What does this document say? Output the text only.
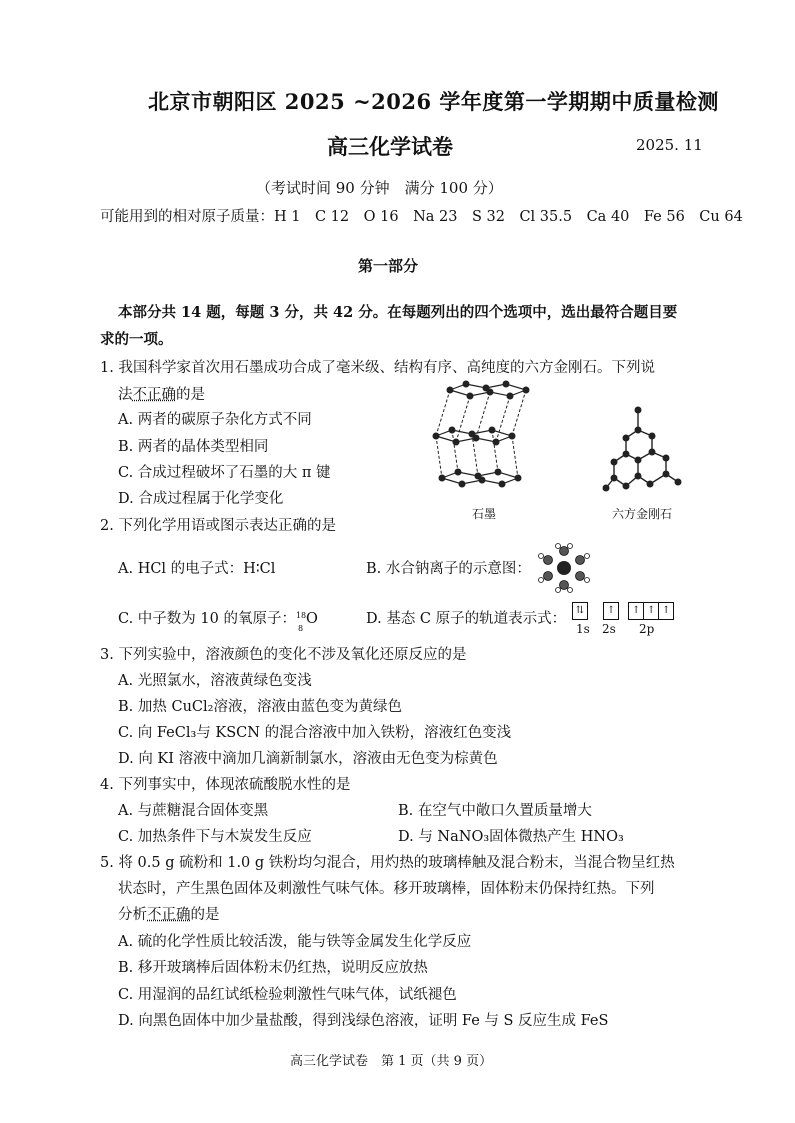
北京市朝阳区 2025 ~2026 学年度第一学期期中质量检测
高三化学试卷	2025. 11
（考试时间 90 分钟　满分 100 分）
可能用到的相对原子质量：H 1　C 12　O 16　Na 23　S 32　Cl 35.5　Ca 40　Fe 56　Cu 64
第一部分
本部分共 14 题，每题 3 分，共 42 分。在每题列出的四个选项中，选出最符合题目要
求的一项。
1. 我国科学家首次用石墨成功合成了毫米级、结构有序、高纯度的六方金刚石。下列说
法不正确的是
A. 两者的碳原子杂化方式不同
B. 两者的晶体类型相同
C. 合成过程破坏了石墨的大 π 键
D. 合成过程属于化学变化
石墨	六方金刚石
2. 下列化学用语或图示表达正确的是
A. HCl 的电子式：H∶Cl	B. 水合钠离子的示意图：
C. 中子数为 10 的氧原子： 18
8
O	D. 基态 C 原子的轨道表示式：
⇅
	↑
	↑ ↑ ↑
1s 2s 2p
3. 下列实验中，溶液颜色的变化不涉及氧化还原反应的是
A. 光照氯水，溶液黄绿色变浅
B. 加热 CuCl₂溶液，溶液由蓝色变为黄绿色
C. 向 FeCl₃与 KSCN 的混合溶液中加入铁粉，溶液红色变浅
D. 向 KI 溶液中滴加几滴新制氯水，溶液由无色变为棕黄色
4. 下列事实中，体现浓硫酸脱水性的是
A. 与蔗糖混合固体变黑	B. 在空气中敞口久置质量增大
C. 加热条件下与木炭发生反应	D. 与 NaNO₃固体微热产生 HNO₃
5. 将 0.5 g 硫粉和 1.0 g 铁粉均匀混合，用灼热的玻璃棒触及混合粉末，当混合物呈红热
状态时，产生黑色固体及刺激性气味气体。移开玻璃棒，固体粉末仍保持红热。下列
分析不正确的是
A. 硫的化学性质比较活泼，能与铁等金属发生化学反应
B. 移开玻璃棒后固体粉末仍红热，说明反应放热
C. 用湿润的品红试纸检验刺激性气味气体，试纸褪色
D. 向黑色固体中加少量盐酸，得到浅绿色溶液，证明 Fe 与 S 反应生成 FeS
高三化学试卷　第 1 页（共 9 页）
